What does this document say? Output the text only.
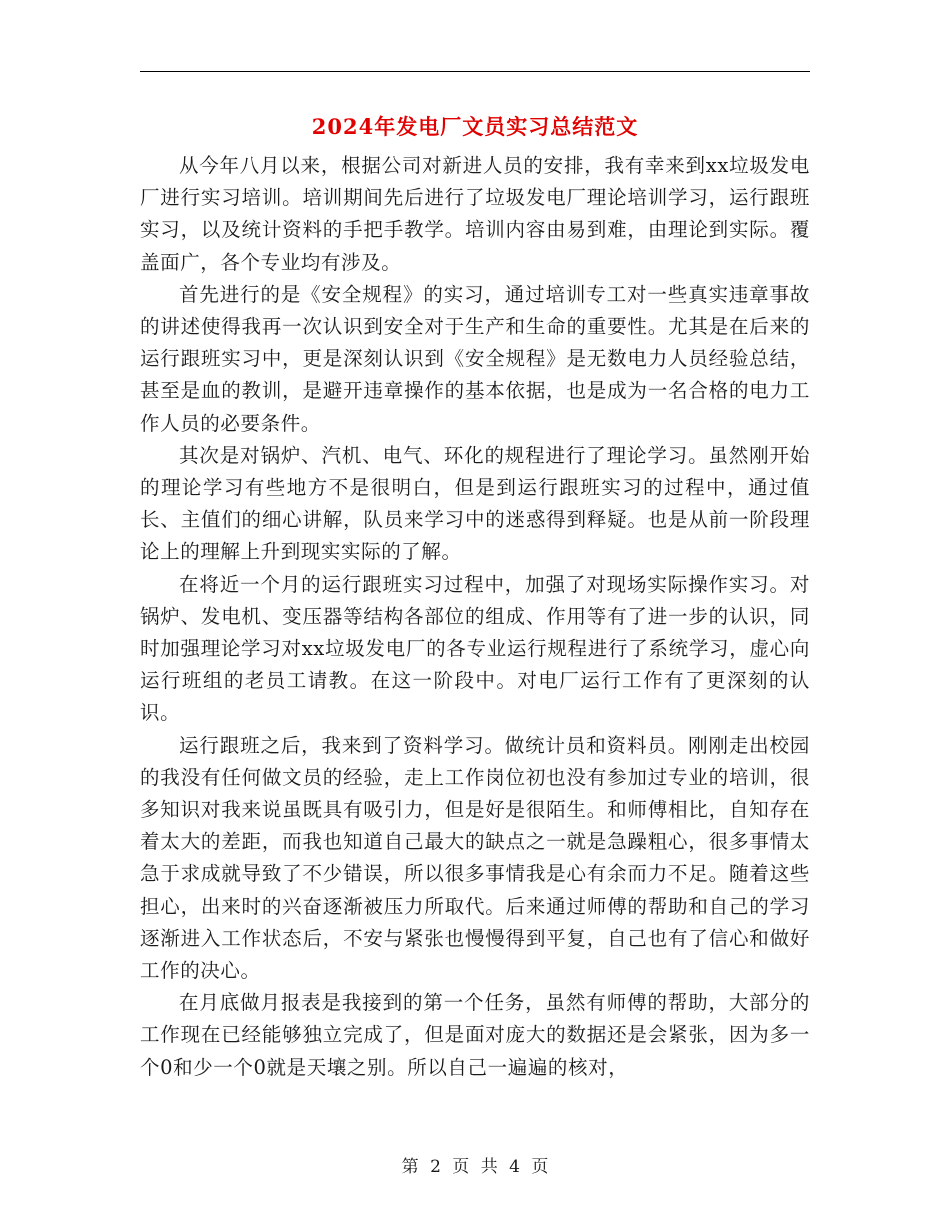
2024年发电厂文员实习总结范文

从今年八月以来，根据公司对新进人员的安排，我有幸来到xx垃圾发电厂进行实习培训。培训期间先后进行了垃圾发电厂理论培训学习，运行跟班实习，以及统计资料的手把手教学。培训内容由易到难，由理论到实际。覆盖面广，各个专业均有涉及。

首先进行的是《安全规程》的实习，通过培训专工对一些真实违章事故的讲述使得我再一次认识到安全对于生产和生命的重要性。尤其是在后来的运行跟班实习中，更是深刻认识到《安全规程》是无数电力人员经验总结，甚至是血的教训，是避开违章操作的基本依据，也是成为一名合格的电力工作人员的必要条件。

其次是对锅炉、汽机、电气、环化的规程进行了理论学习。虽然刚开始的理论学习有些地方不是很明白，但是到运行跟班实习的过程中，通过值长、主值们的细心讲解，队员来学习中的迷惑得到释疑。也是从前一阶段理论上的理解上升到现实实际的了解。

在将近一个月的运行跟班实习过程中，加强了对现场实际操作实习。对锅炉、发电机、变压器等结构各部位的组成、作用等有了进一步的认识，同时加强理论学习对xx垃圾发电厂的各专业运行规程进行了系统学习，虚心向运行班组的老员工请教。在这一阶段中。对电厂运行工作有了更深刻的认识。

运行跟班之后，我来到了资料学习。做统计员和资料员。刚刚走出校园的我没有任何做文员的经验，走上工作岗位初也没有参加过专业的培训，很多知识对我来说虽既具有吸引力，但是好是很陌生。和师傅相比，自知存在着太大的差距，而我也知道自己最大的缺点之一就是急躁粗心，很多事情太急于求成就导致了不少错误，所以很多事情我是心有余而力不足。随着这些担心，出来时的兴奋逐渐被压力所取代。后来通过师傅的帮助和自己的学习逐渐进入工作状态后，不安与紧张也慢慢得到平复，自己也有了信心和做好工作的决心。

在月底做月报表是我接到的第一个任务，虽然有师傅的帮助，大部分的工作现在已经能够独立完成了，但是面对庞大的数据还是会紧张，因为多一个0和少一个0就是天壤之别。所以自己一遍遍的核对，

第 2 页 共 4 页
